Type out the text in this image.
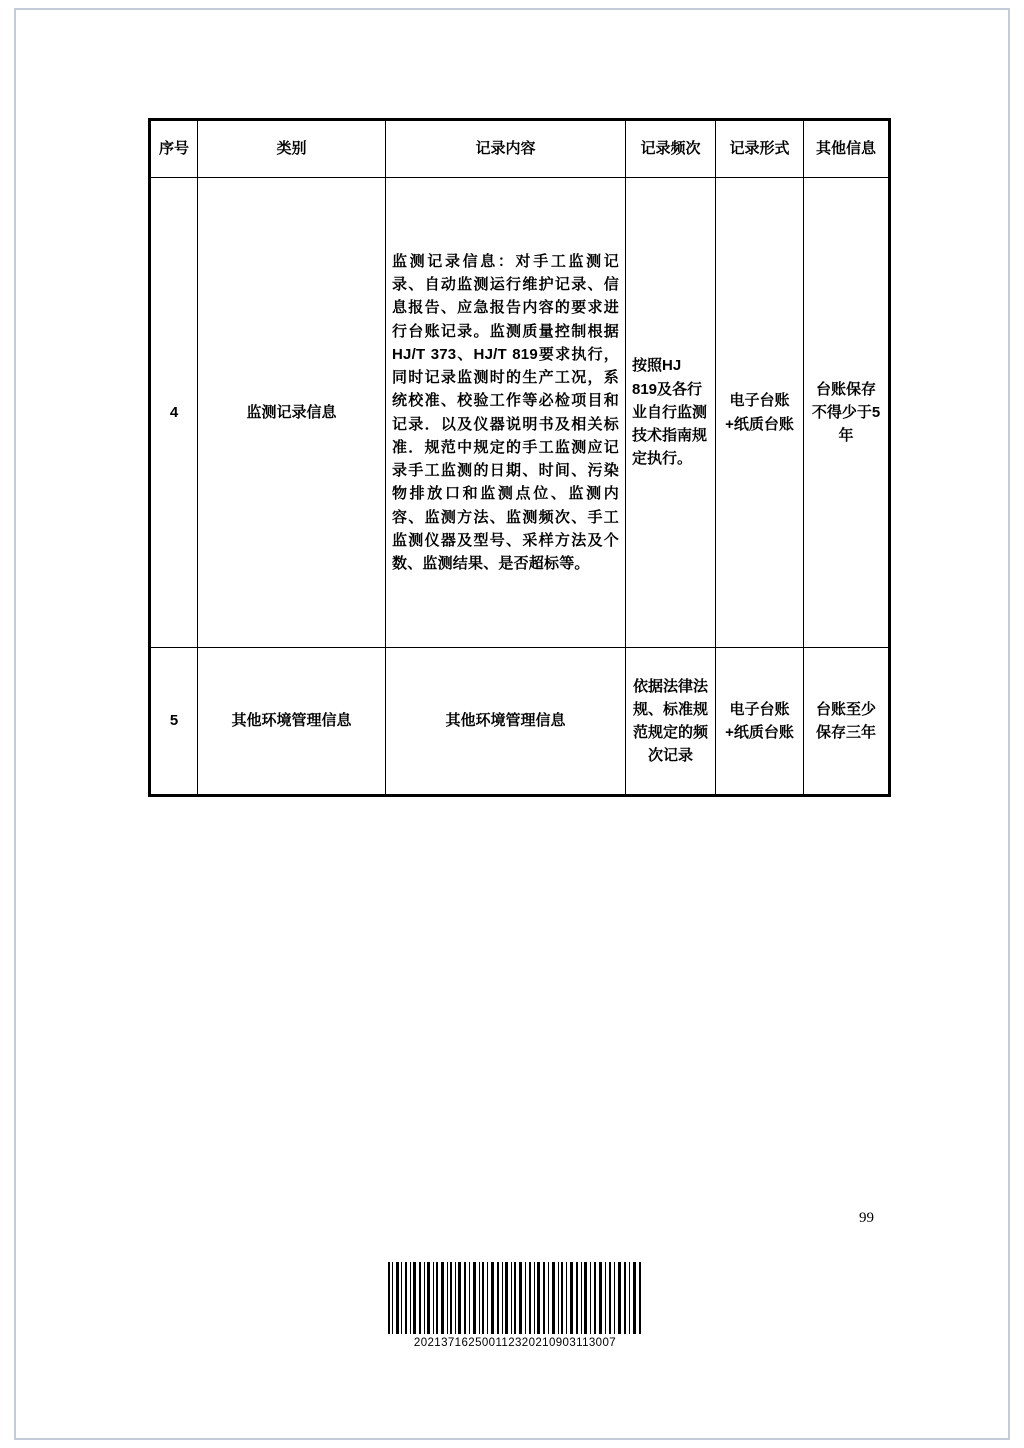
序号	类别	记录内容	记录频次	记录形式	其他信息
4	监测记录信息	监测记录信息：对手工监测记录、自动监测运行维护记录、信息报告、应急报告内容的要求进行台账记录。监测质量控制根据HJ/T 373、HJ/T 819要求执行，同时记录监测时的生产工况，系统校准、校验工作等必检项目和记录．以及仪器说明书及相关标准．规范中规定的手工监测应记录手工监测的日期、时间、污染物排放口和监测点位、监测内容、监测方法、监测频次、手工监测仪器及型号、采样方法及个数、监测结果、是否超标等。	按照HJ 819及各行业自行监测技术指南规定执行。	电子台账+纸质台账	台账保存不得少于5年
5	其他环境管理信息	其他环境管理信息	依据法律法规、标准规范规定的频次记录	电子台账+纸质台账	台账至少保存三年
99
202137162500112320210903113007
